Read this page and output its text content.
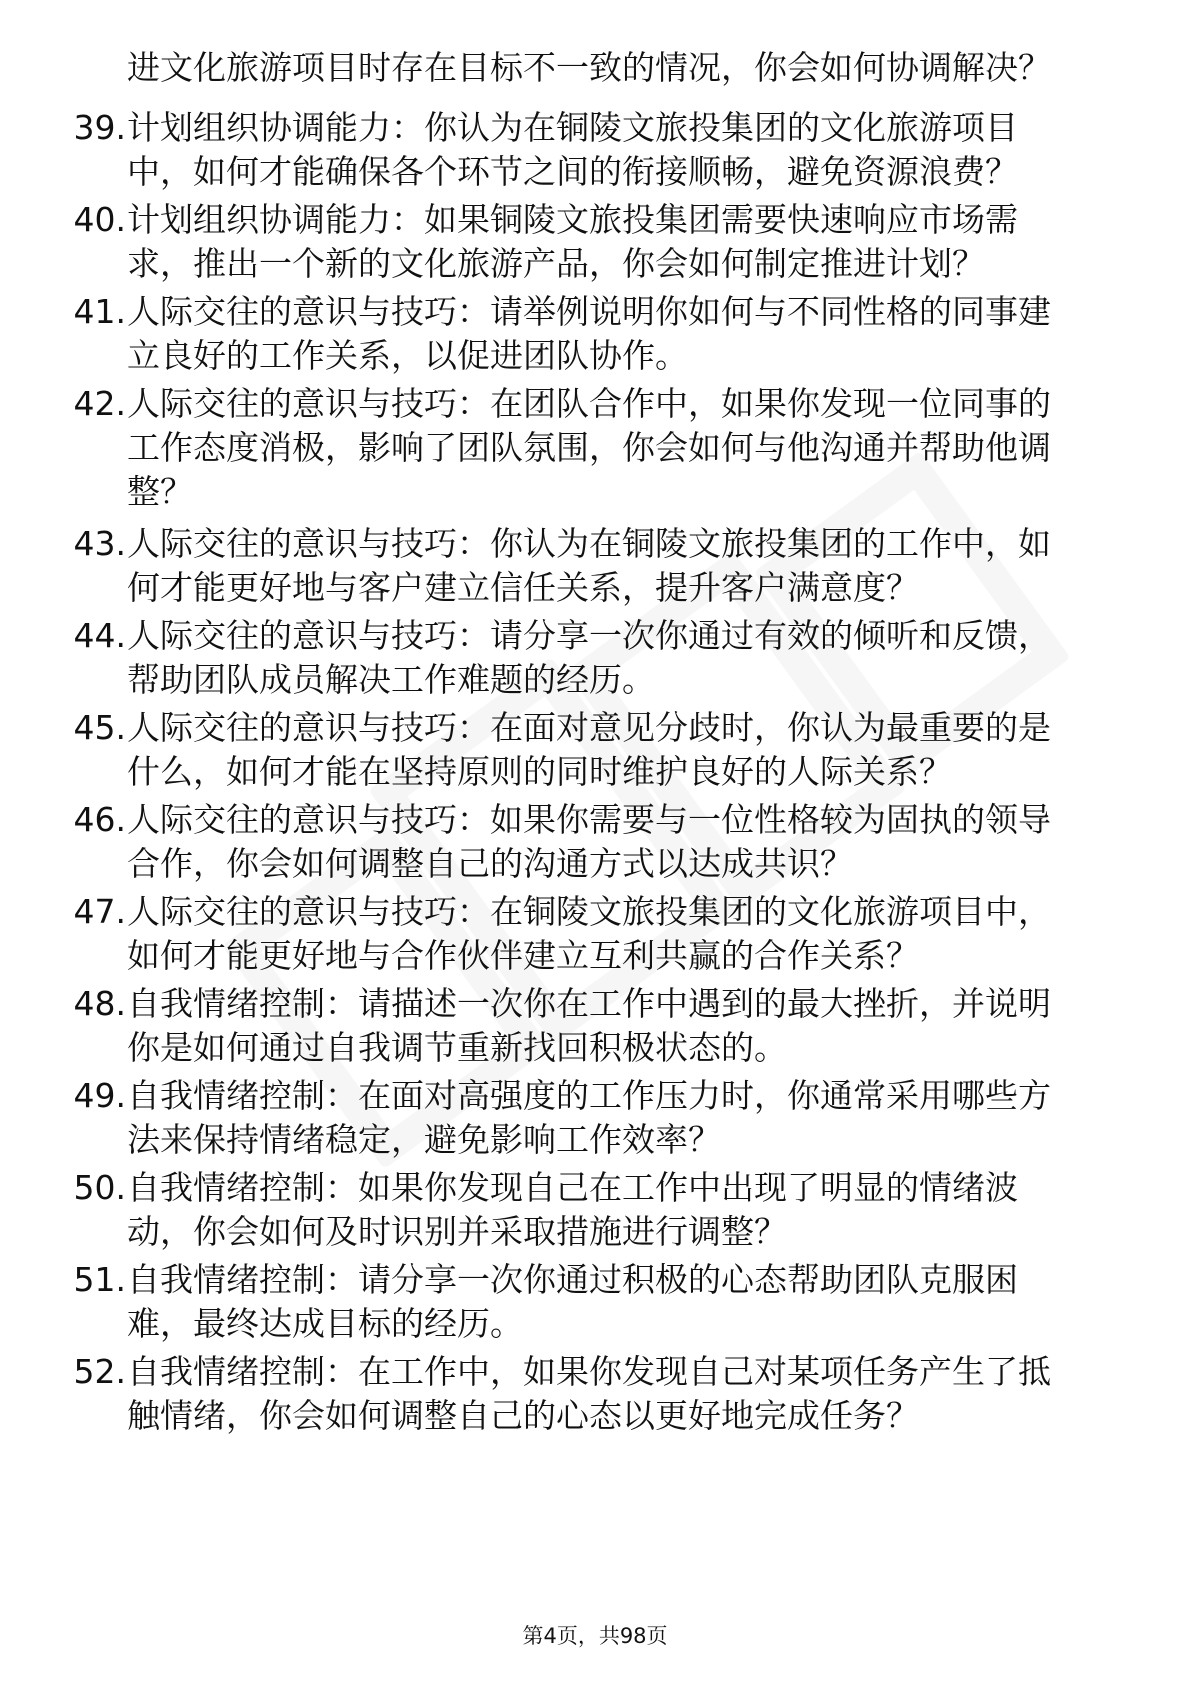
进文化旅游项目时存在目标不一致的情况，你会如何协调解决？
39. 计划组织协调能力：你认为在铜陵文旅投集团的文化旅游项目
中，如何才能确保各个环节之间的衔接顺畅，避免资源浪费？
40. 计划组织协调能力：如果铜陵文旅投集团需要快速响应市场需
求，推出一个新的文化旅游产品，你会如何制定推进计划？
41. 人际交往的意识与技巧：请举例说明你如何与不同性格的同事建
立良好的工作关系，以促进团队协作。
42. 人际交往的意识与技巧：在团队合作中，如果你发现一位同事的
工作态度消极，影响了团队氛围，你会如何与他沟通并帮助他调
整？
43. 人际交往的意识与技巧：你认为在铜陵文旅投集团的工作中，如
何才能更好地与客户建立信任关系，提升客户满意度？
44. 人际交往的意识与技巧：请分享一次你通过有效的倾听和反馈，
帮助团队成员解决工作难题的经历。
45. 人际交往的意识与技巧：在面对意见分歧时，你认为最重要的是
什么，如何才能在坚持原则的同时维护良好的人际关系？
46. 人际交往的意识与技巧：如果你需要与一位性格较为固执的领导
合作，你会如何调整自己的沟通方式以达成共识？
47. 人际交往的意识与技巧：在铜陵文旅投集团的文化旅游项目中，
如何才能更好地与合作伙伴建立互利共赢的合作关系？
48. 自我情绪控制：请描述一次你在工作中遇到的最大挫折，并说明
你是如何通过自我调节重新找回积极状态的。
49. 自我情绪控制：在面对高强度的工作压力时，你通常采用哪些方
法来保持情绪稳定，避免影响工作效率？
50. 自我情绪控制：如果你发现自己在工作中出现了明显的情绪波
动，你会如何及时识别并采取措施进行调整？
51. 自我情绪控制：请分享一次你通过积极的心态帮助团队克服困
难，最终达成目标的经历。
52. 自我情绪控制：在工作中，如果你发现自己对某项任务产生了抵
触情绪，你会如何调整自己的心态以更好地完成任务？
第4页，共98页
